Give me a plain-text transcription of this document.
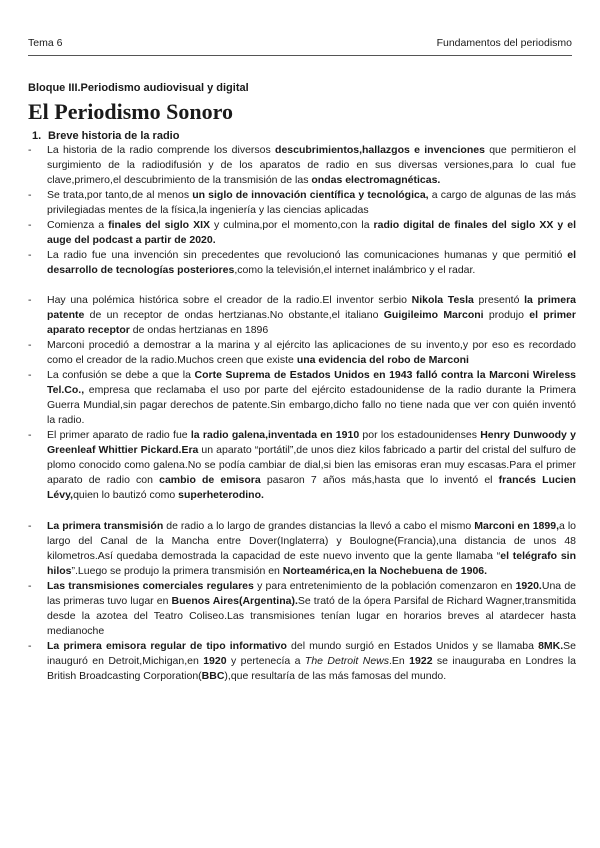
Tema 6	Fundamentos del periodismo

Bloque III.Periodismo audiovisual y digital

El Periodismo Sonoro

1. Breve historia de la radio

- La historia de la radio comprende los diversos descubrimientos,hallazgos e invenciones que permitieron el surgimiento de la radiodifusión y de los aparatos de radio en sus diversas versiones,para lo cual fue clave,primero,el descubrimiento de la transmisión de las ondas electromagnéticas.
- Se trata,por tanto,de al menos un siglo de innovación científica y tecnológica, a cargo de algunas de las más privilegiadas mentes de la física,la ingeniería y las ciencias aplicadas
- Comienza a finales del siglo XIX y culmina,por el momento,con la radio digital de finales del siglo XX y el auge del podcast a partir de 2020.
- La radio fue una invención sin precedentes que revolucionó las comunicaciones humanas y que permitió el desarrollo de tecnologías posteriores,como la televisión,el internet inalámbrico y el radar.
- Hay una polémica histórica sobre el creador de la radio.El inventor serbio Nikola Tesla presentó la primera patente de un receptor de ondas hertzianas.No obstante,el italiano Guigileimo Marconi produjo el primer aparato receptor de ondas hertzianas en 1896
- Marconi procedió a demostrar a la marina y al ejército las aplicaciones de su invento,y por eso es recordado como el creador de la radio.Muchos creen que existe una evidencia del robo de Marconi
- La confusión se debe a que la Corte Suprema de Estados Unidos en 1943 falló contra la Marconi Wireless Tel.Co., empresa que reclamaba el uso por parte del ejército estadounidense de la radio durante la Primera Guerra Mundial,sin pagar derechos de patente.Sin embargo,dicho fallo no tiene nada que ver con quién inventó la radio.
- El primer aparato de radio fue la radio galena,inventada en 1910 por los estadounidenses Henry Dunwoody y Greenleaf Whittier Pickard.Era un aparato “portátil”,de unos diez kilos fabricado a partir del cristal del sulfuro de plomo conocido como galena.No se podía cambiar de dial,si bien las emisoras eran muy escasas.Para el primer aparato de radio con cambio de emisora pasaron 7 años más,hasta que lo inventó el francés Lucien Lévy,quien lo bautizó como superheterodino.
- La primera transmisión de radio a lo largo de grandes distancias la llevó a cabo el mismo Marconi en 1899,a lo largo del Canal de la Mancha entre Dover(Inglaterra) y Boulogne(Francia),una distancia de unos 48 kilometros.Así quedaba demostrada la capacidad de este nuevo invento que la gente llamaba “el telégrafo sin hilos”.Luego se produjo la primera transmisión en Norteamérica,en la Nochebuena de 1906.
- Las transmisiones comerciales regulares y para entretenimiento de la población comenzaron en 1920.Una de las primeras tuvo lugar en Buenos Aires(Argentina).Se trató de la ópera Parsifal de Richard Wagner,transmitida desde la azotea del Teatro Coliseo.Las transmisiones tenían lugar en horarios breves al atardecer hasta medianoche
- La primera emisora regular de tipo informativo del mundo surgió en Estados Unidos y se llamaba 8MK.Se inauguró en Detroit,Michigan,en 1920 y pertenecía a The Detroit News.En 1922 se inauguraba en Londres la British Broadcasting Corporation(BBC),que resultaría de las más famosas del mundo.
